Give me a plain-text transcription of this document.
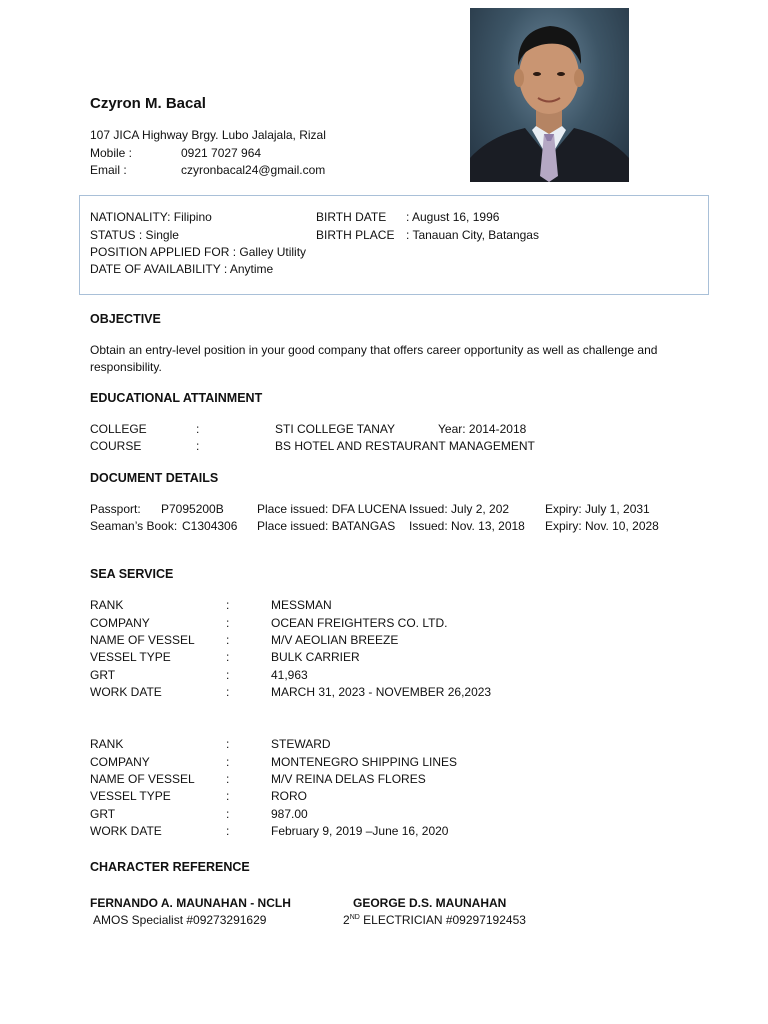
Czyron M. Bacal
107 JICA Highway Brgy. Lubo Jalajala, Rizal
Mobile :	0921 7027 964
Email :	czyronbacal24@gmail.com
NATIONALITY: Filipino
STATUS : Single
POSITION APPLIED FOR : Galley Utility
DATE OF AVAILABILITY : Anytime
BIRTH DATE : August 16, 1996
BIRTH PLACE : Tanauan City, Batangas
OBJECTIVE
Obtain an entry-level position in your good company that offers career opportunity as well as challenge and responsibility.
EDUCATIONAL ATTAINMENT
COLLEGE	:	STI COLLEGE TANAY	Year: 2014-2018
COURSE	:	BS HOTEL AND RESTAURANT MANAGEMENT
DOCUMENT DETAILS
Passport: P7095200B	Place issued: DFA LUCENA Issued: July 2, 202	Expiry: July 1, 2031
Seaman’s Book: C1304306 Place issued: BATANGAS Issued: Nov. 13, 2018 Expiry: Nov. 10, 2028
SEA SERVICE
RANK	:	MESSMAN
COMPANY	:	OCEAN FREIGHTERS CO. LTD.
NAME OF VESSEL	:	M/V AEOLIAN BREEZE
VESSEL TYPE	:	BULK CARRIER
GRT	:	41,963
WORK DATE	:	MARCH 31, 2023 - NOVEMBER 26,2023
RANK	:	STEWARD
COMPANY	:	MONTENEGRO SHIPPING LINES
NAME OF VESSEL	:	M/V REINA DELAS FLORES
VESSEL TYPE	:	RORO
GRT	:	987.00
WORK DATE	:	February 9, 2019 –June 16, 2020
CHARACTER REFERENCE
FERNANDO A. MAUNAHAN - NCLH
AMOS Specialist #09273291629
GEORGE D.S. MAUNAHAN
2ND ELECTRICIAN #09297192453
